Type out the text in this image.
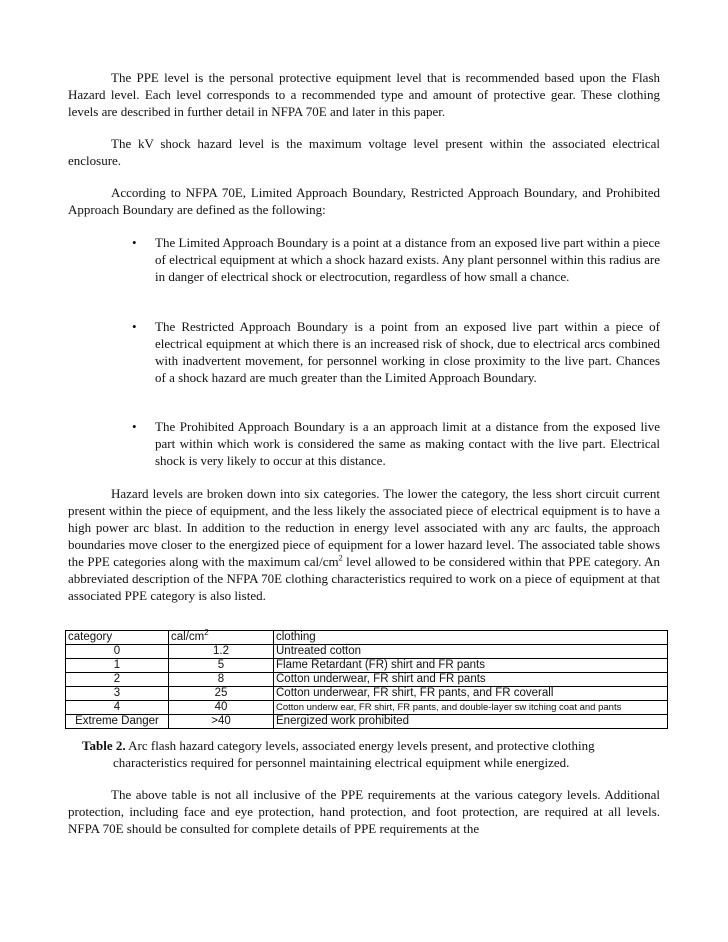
The PPE level is the personal protective equipment level that is recommended based upon the Flash Hazard level. Each level corresponds to a recommended type and amount of protective gear. These clothing levels are described in further detail in NFPA 70E and later in this paper.

The kV shock hazard level is the maximum voltage level present within the associated electrical enclosure.

According to NFPA 70E, Limited Approach Boundary, Restricted Approach Boundary, and Prohibited Approach Boundary are defined as the following:

•	The Limited Approach Boundary is a point at a distance from an exposed live part within a piece of electrical equipment at which a shock hazard exists. Any plant personnel within this radius are in danger of electrical shock or electrocution, regardless of how small a chance.

•	The Restricted Approach Boundary is a point from an exposed live part within a piece of electrical equipment at which there is an increased risk of shock, due to electrical arcs combined with inadvertent movement, for personnel working in close proximity to the live part. Chances of a shock hazard are much greater than the Limited Approach Boundary.

•	The Prohibited Approach Boundary is a an approach limit at a distance from the exposed live part within which work is considered the same as making contact with the live part. Electrical shock is very likely to occur at this distance.

Hazard levels are broken down into six categories. The lower the category, the less short circuit current present within the piece of equipment, and the less likely the associated piece of electrical equipment is to have a high power arc blast. In addition to the reduction in energy level associated with any arc faults, the approach boundaries move closer to the energized piece of equipment for a lower hazard level. The associated table shows the PPE categories along with the maximum cal/$cm^2$ level allowed to be considered within that PPE category. An abbreviated description of the NFPA 70E clothing characteristics required to work on a piece of equipment at that associated PPE category is also listed.

category	cal/$cm^2$	clothing
0	1.2	Untreated cotton
1	5	Flame Retardant (FR) shirt and FR pants
2	8	Cotton underwear, FR shirt and FR pants
3	25	Cotton underwear, FR shirt, FR pants, and FR coverall
4	40	Cotton underw ear, FR shirt, FR pants, and double-layer sw itching coat and pants
Extreme Danger	>40	Energized work prohibited

Table 2. Arc flash hazard category levels, associated energy levels present, and protective clothing

characteristics required for personnel maintaining electrical equipment while energized.

The above table is not all inclusive of the PPE requirements at the various category levels. Additional protection, including face and eye protection, hand protection, and foot protection, are required at all levels. NFPA 70E should be consulted for complete details of PPE requirements at the
